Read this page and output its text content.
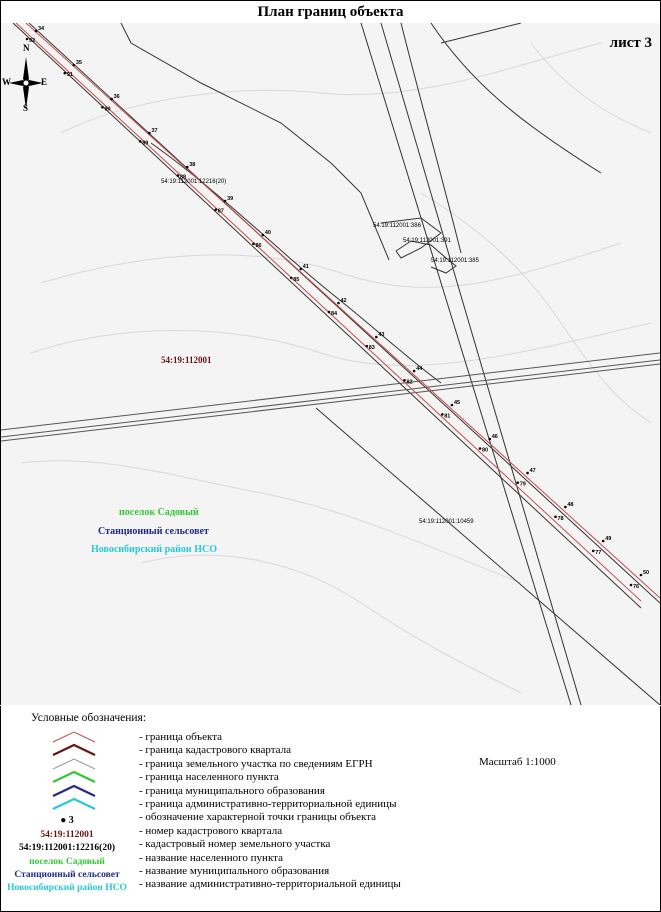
План границ объекта
54:19:112001
54:19:112001:12216(20)
54:19:112001:386
54:19:112001:391
54:19:112001:385
54:19:112001:10459
34
92
35
91
36
90
37
89
38
88
39
87
40
86
41
85
42
84
43
83
44
82
45
81
46
80
47
79
48
78
49
77
50
76
W	E
S
N	лист 3
поселок Садовый
Станционный сельсовет
Новосибирский район НСО
Условные обозначения:
- граница объекта
- граница кадастрового квартала
- граница земельного участка по сведениям ЕГРН
- граница населенного пункта
- граница муниципального образования
- граница административно-территориальной единицы
● 3	- обозначение характерной точки границы объекта
54:19:112001	- номер кадастрового квартала
54:19:112001:12216(20)	- кадастровый номер земельного участка
поселок Садовый	- название населенного пункта
Станционный сельсовет	- название муниципального образования
Новосибирский район НСО	- название административно-территориальной единицы
Масштаб 1:1000
